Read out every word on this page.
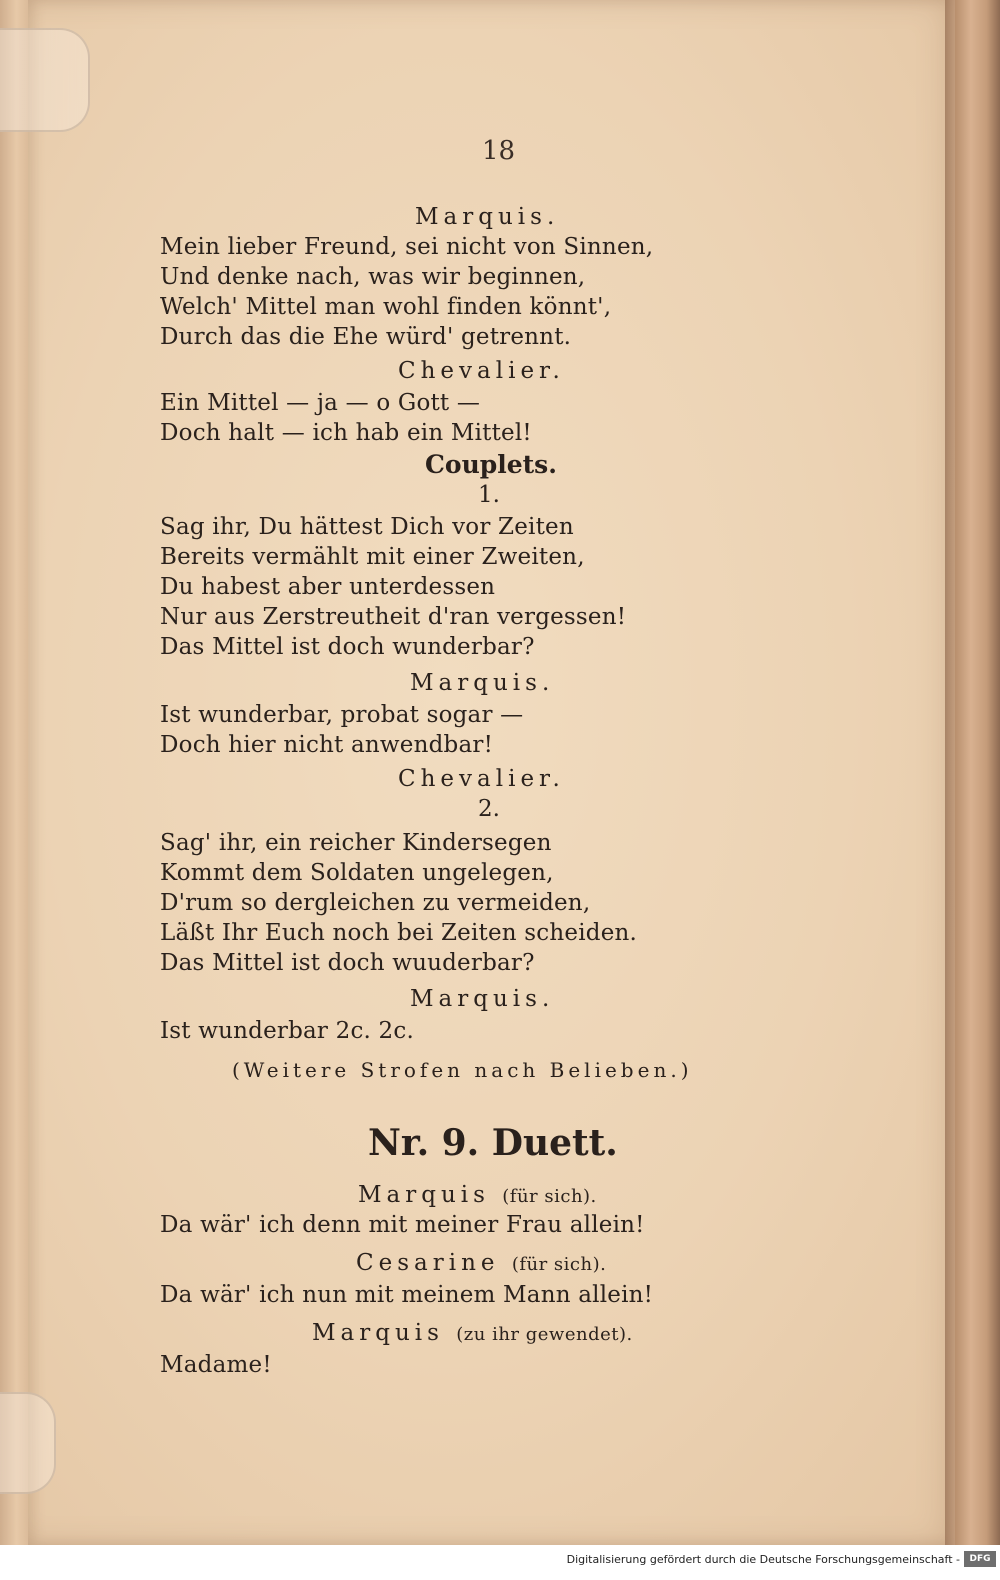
18
Marquis.
Mein lieber Freund, sei nicht von Sinnen,
Und denke nach, was wir beginnen,
Welch' Mittel man wohl finden könnt',
Durch das die Ehe würd' getrennt.
Chevalier.
Ein Mittel — ja — o Gott —
Doch halt — ich hab ein Mittel!
Couplets.
1.
Sag ihr, Du hättest Dich vor Zeiten
Bereits vermählt mit einer Zweiten,
Du habest aber unterdessen
Nur aus Zerstreutheit d'ran vergessen!
Das Mittel ist doch wunderbar?
Marquis.
Ist wunderbar, probat sogar —
Doch hier nicht anwendbar!
Chevalier.
2.
Sag' ihr, ein reicher Kindersegen
Kommt dem Soldaten ungelegen,
D'rum so dergleichen zu vermeiden,
Läßt Ihr Euch noch bei Zeiten scheiden.
Das Mittel ist doch wuuderbar?
Marquis.
Ist wunderbar 2c. 2c.
(Weitere Strofen nach Belieben.)
Nr. 9. Duett.
Marquis (für sich).
Da wär' ich denn mit meiner Frau allein!
Cesarine (für sich).
Da wär' ich nun mit meinem Mann allein!
Marquis (zu ihr gewendet).
Madame!
Digitalisierung gefördert durch die Deutsche Forschungsgemeinschaft -	DFG
